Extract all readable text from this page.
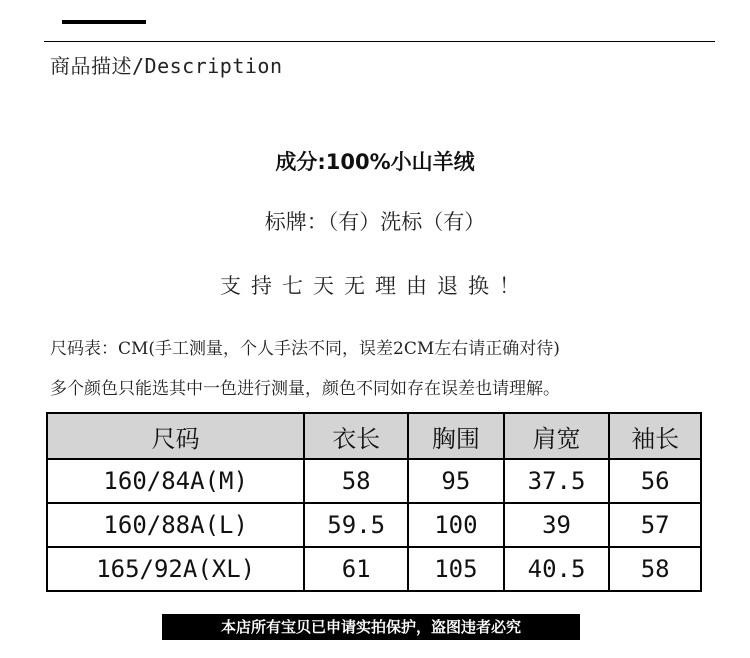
商品描述/Description
成分:100%小山羊绒
标牌：（有）洗标（有）
支持七天无理由退换！
尺码表：CM(手工测量，个人手法不同，误差2CM左右请正确对待)
多个颜色只能选其中一色进行测量，颜色不同如存在误差也请理解。
尺码	衣长	胸围	肩宽	袖长
160/84A(M)	58	95	37.5	56
160/88A(L)	59.5	100	39	57
165/92A(XL)	61	105	40.5	58
本店所有宝贝已申请实拍保护，盗图违者必究
